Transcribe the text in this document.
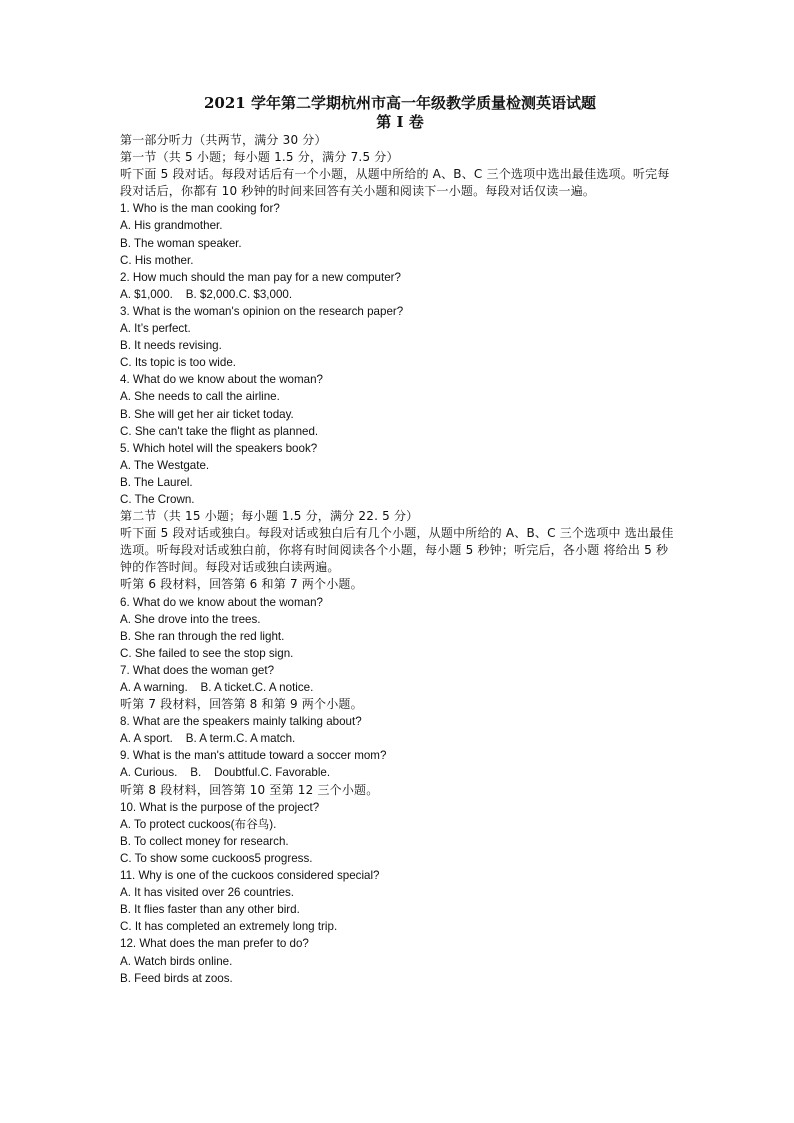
2021 学年第二学期杭州市高一年级教学质量检测英语试题

第 I 卷

第一部分听力（共两节，满分 30 分）

第一节（共 5 小题；每小题 1.5 分，满分 7.5 分）

听下面 5 段对话。每段对话后有一个小题，从题中所给的 A、B、C 三个选项中选出最佳选项。听完每段对话后，你都有 10 秒钟的时间来回答有关小题和阅读下一小题。每段对话仅读一遍。

1. Who is the man cooking for?

A. His grandmother.

B. The woman speaker.

C. His mother.

2. How much should the man pay for a new computer?

A. $1,000.    B. $2,000.C. $3,000.

3. What is the woman's opinion on the research paper?

A. It’s perfect.

B. It needs revising.

C. Its topic is too wide.

4. What do we know about the woman?

A. She needs to call the airline.

B. She will get her air ticket today.

C. She can't take the flight as planned.

5. Which hotel will the speakers book?

A. The Westgate.

B. The Laurel.

C. The Crown.

第二节（共 15 小题；每小题 1.5 分，满分 22. 5 分）

听下面 5 段对话或独白。每段对话或独白后有几个小题，从题中所给的 A、B、C 三个选项中 选出最佳选项。听每段对话或独白前，你将有时间阅读各个小题，每小题 5 秒钟；听完后，各小题 将给出 5 秒钟的作答时间。每段对话或独白读两遍。

听第 6 段材料，回答第 6 和第 7 两个小题。

6. What do we know about the woman?

A. She drove into the trees.

B. She ran through the red light.

C. She failed to see the stop sign.

7. What does the woman get?

A. A warning.    B. A ticket.C. A notice.

听第 7 段材料，回答第 8 和第 9 两个小题。

8. What are the speakers mainly talking about?

A. A sport.    B. A term.C. A match.

9. What is the man's attitude toward a soccer mom?

A. Curious.    B.    Doubtful.C. Favorable.

听第 8 段材料，回答第 10 至第 12 三个小题。

10. What is the purpose of the project?

A. To protect cuckoos(布谷鸟).

B. To collect money for research.

C. To show some cuckoos5 progress.

11. Why is one of the cuckoos considered special?

A. It has visited over 26 countries.

B. It flies faster than any other bird.

C. It has completed an extremely long trip.

12. What does the man prefer to do?

A. Watch birds online.

B. Feed birds at zoos.
